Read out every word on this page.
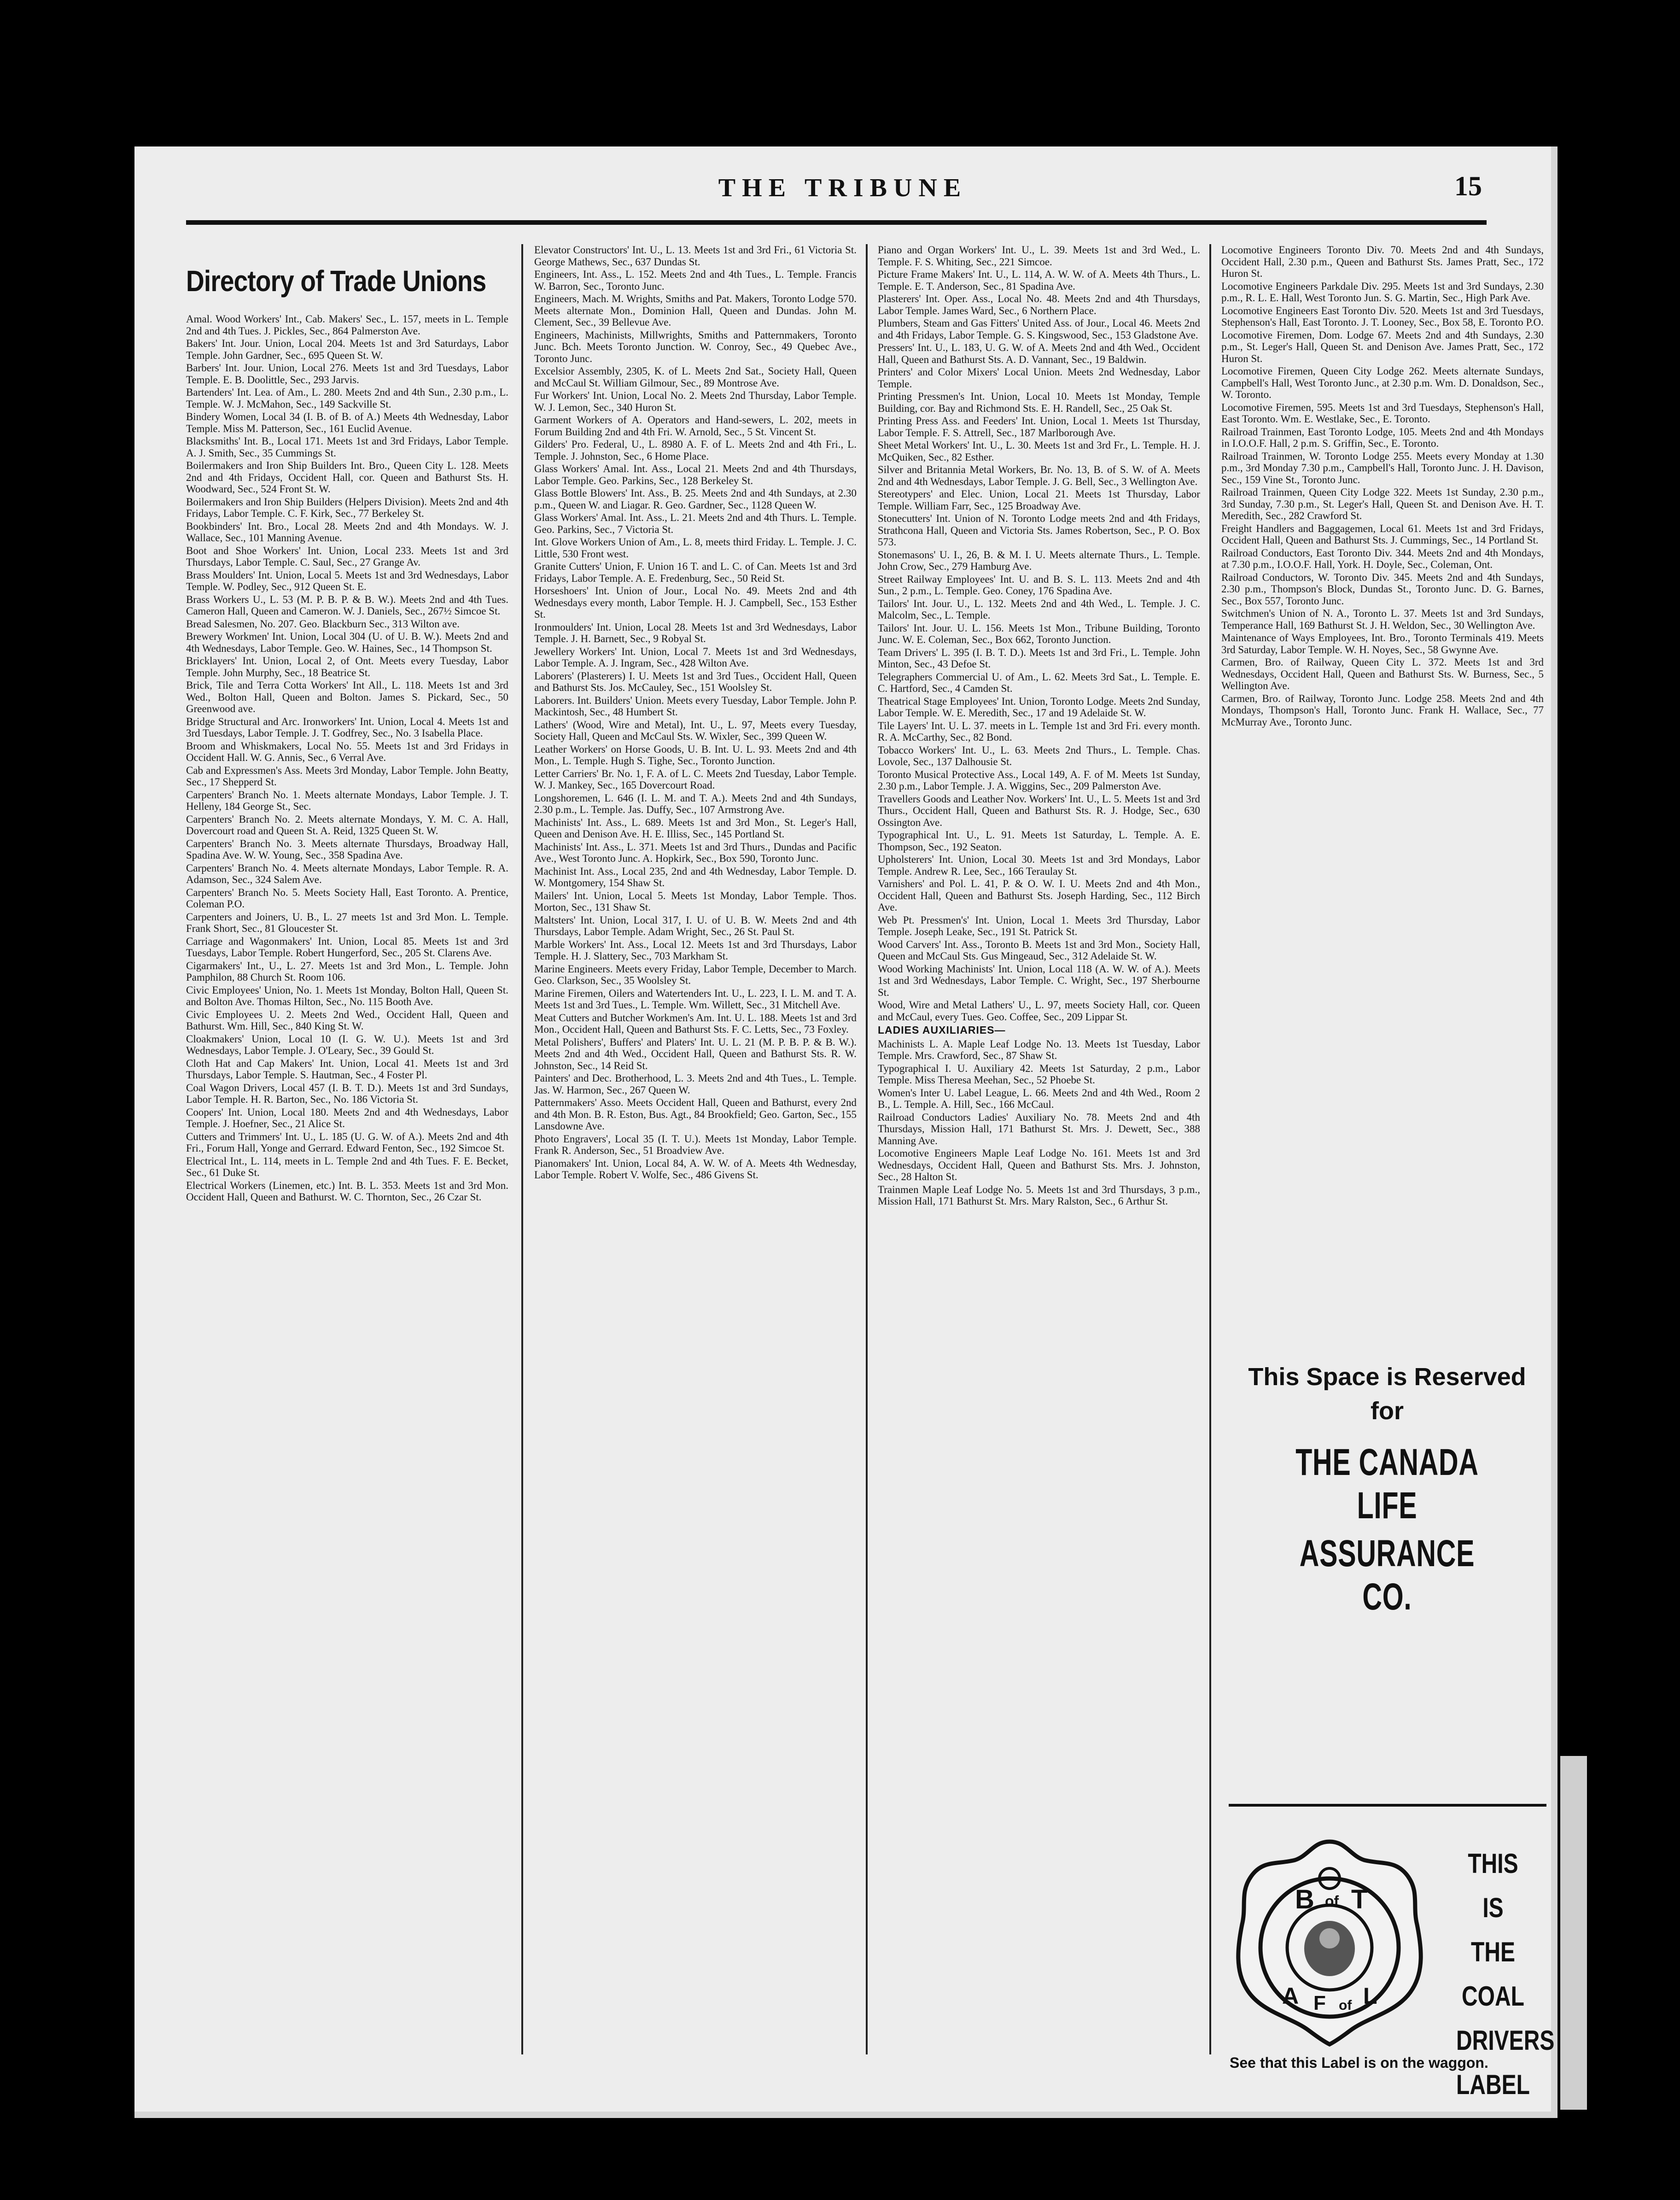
THE TRIBUNE	15
Directory of Trade Unions
Amal. Wood Workers' Int., Cab. Makers' Sec., L. 157, meets in L. Temple 2nd and 4th Tues. J. Pickles, Sec., 864 Palmerston Ave.
Bakers' Int. Jour. Union, Local 204. Meets 1st and 3rd Saturdays, Labor Temple. John Gardner, Sec., 695 Queen St. W.
Barbers' Int. Jour. Union, Local 276. Meets 1st and 3rd Tuesdays, Labor Temple. E. B. Doolittle, Sec., 293 Jarvis.
Bartenders' Int. Lea. of Am., L. 280. Meets 2nd and 4th Sun., 2.30 p.m., L. Temple. W. J. McMahon, Sec., 149 Sackville St.
Bindery Women, Local 34 (I. B. of B. of A.) Meets 4th Wednesday, Labor Temple. Miss M. Patterson, Sec., 161 Euclid Avenue.
Blacksmiths' Int. B., Local 171. Meets 1st and 3rd Fridays, Labor Temple. A. J. Smith, Sec., 35 Cummings St.
Boilermakers and Iron Ship Builders Int. Bro., Queen City L. 128. Meets 2nd and 4th Fridays, Occident Hall, cor. Queen and Bathurst Sts. H. Woodward, Sec., 524 Front St. W.
Boilermakers and Iron Ship Builders (Helpers Division). Meets 2nd and 4th Fridays, Labor Temple. C. F. Kirk, Sec., 77 Berkeley St.
Bookbinders' Int. Bro., Local 28. Meets 2nd and 4th Mondays. W. J. Wallace, Sec., 101 Manning Avenue.
Boot and Shoe Workers' Int. Union, Local 233. Meets 1st and 3rd Thursdays, Labor Temple. C. Saul, Sec., 27 Grange Av.
Brass Moulders' Int. Union, Local 5. Meets 1st and 3rd Wednesdays, Labor Temple. W. Podley, Sec., 912 Queen St. E.
Brass Workers U., L. 53 (M. P. B. P. & B. W.). Meets 2nd and 4th Tues. Cameron Hall, Queen and Cameron. W. J. Daniels, Sec., 267½ Simcoe St.
Bread Salesmen, No. 207. Geo. Blackburn Sec., 313 Wilton ave.
Brewery Workmen' Int. Union, Local 304 (U. of U. B. W.). Meets 2nd and 4th Wednesdays, Labor Temple. Geo. W. Haines, Sec., 14 Thompson St.
Bricklayers' Int. Union, Local 2, of Ont. Meets every Tuesday, Labor Temple. John Murphy, Sec., 18 Beatrice St.
Brick, Tile and Terra Cotta Workers' Int All., L. 118. Meets 1st and 3rd Wed., Bolton Hall, Queen and Bolton. James S. Pickard, Sec., 50 Greenwood ave.
Bridge Structural and Arc. Ironworkers' Int. Union, Local 4. Meets 1st and 3rd Tuesdays, Labor Temple. J. T. Godfrey, Sec., No. 3 Isabella Place.
Broom and Whiskmakers, Local No. 55. Meets 1st and 3rd Fridays in Occident Hall. W. G. Annis, Sec., 6 Verral Ave.
Cab and Expressmen's Ass. Meets 3rd Monday, Labor Temple. John Beatty, Sec., 17 Shepperd St.
Carpenters' Branch No. 1. Meets alternate Mondays, Labor Temple. J. T. Helleny, 184 George St., Sec.
Carpenters' Branch No. 2. Meets alternate Mondays, Y. M. C. A. Hall, Dovercourt road and Queen St. A. Reid, 1325 Queen St. W.
Carpenters' Branch No. 3. Meets alternate Thursdays, Broadway Hall, Spadina Ave. W. W. Young, Sec., 358 Spadina Ave.
Carpenters' Branch No. 4. Meets alternate Mondays, Labor Temple. R. A. Adamson, Sec., 324 Salem Ave.
Carpenters' Branch No. 5. Meets Society Hall, East Toronto. A. Prentice, Coleman P.O.
Carpenters and Joiners, U. B., L. 27 meets 1st and 3rd Mon. L. Temple. Frank Short, Sec., 81 Gloucester St.
Carriage and Wagonmakers' Int. Union, Local 85. Meets 1st and 3rd Tuesdays, Labor Temple. Robert Hungerford, Sec., 205 St. Clarens Ave.
Cigarmakers' Int., U., L. 27. Meets 1st and 3rd Mon., L. Temple. John Pamphilon, 88 Church St. Room 106.
Civic Employees' Union, No. 1. Meets 1st Monday, Bolton Hall, Queen St. and Bolton Ave. Thomas Hilton, Sec., No. 115 Booth Ave.
Civic Employees U. 2. Meets 2nd Wed., Occident Hall, Queen and Bathurst. Wm. Hill, Sec., 840 King St. W.
Cloakmakers' Union, Local 10 (I. G. W. U.). Meets 1st and 3rd Wednesdays, Labor Temple. J. O'Leary, Sec., 39 Gould St.
Cloth Hat and Cap Makers' Int. Union, Local 41. Meets 1st and 3rd Thursdays, Labor Temple. S. Hautman, Sec., 4 Foster Pl.
Coal Wagon Drivers, Local 457 (I. B. T. D.). Meets 1st and 3rd Sundays, Labor Temple. H. R. Barton, Sec., No. 186 Victoria St.
Coopers' Int. Union, Local 180. Meets 2nd and 4th Wednesdays, Labor Temple. J. Hoefner, Sec., 21 Alice St.
Cutters and Trimmers' Int. U., L. 185 (U. G. W. of A.). Meets 2nd and 4th Fri., Forum Hall, Yonge and Gerrard. Edward Fenton, Sec., 192 Simcoe St.
Electrical Int., L. 114, meets in L. Temple 2nd and 4th Tues. F. E. Becket, Sec., 61 Duke St.
Electrical Workers (Linemen, etc.) Int. B. L. 353. Meets 1st and 3rd Mon. Occident Hall, Queen and Bathurst. W. C. Thornton, Sec., 26 Czar St.
Elevator Constructors' Int. U., L. 13. Meets 1st and 3rd Fri., 61 Victoria St. George Mathews, Sec., 637 Dundas St.
Engineers, Int. Ass., L. 152. Meets 2nd and 4th Tues., L. Temple. Francis W. Barron, Sec., Toronto Junc.
Engineers, Mach. M. Wrights, Smiths and Pat. Makers, Toronto Lodge 570. Meets alternate Mon., Dominion Hall, Queen and Dundas. John M. Clement, Sec., 39 Bellevue Ave.
Engineers, Machinists, Millwrights, Smiths and Patternmakers, Toronto Junc. Bch. Meets Toronto Junction. W. Conroy, Sec., 49 Quebec Ave., Toronto Junc.
Excelsior Assembly, 2305, K. of L. Meets 2nd Sat., Society Hall, Queen and McCaul St. William Gilmour, Sec., 89 Montrose Ave.
Fur Workers' Int. Union, Local No. 2. Meets 2nd Thursday, Labor Temple. W. J. Lemon, Sec., 340 Huron St.
Garment Workers of A. Operators and Hand-sewers, L. 202, meets in Forum Building 2nd and 4th Fri. W. Arnold, Sec., 5 St. Vincent St.
Gilders' Pro. Federal, U., L. 8980 A. F. of L. Meets 2nd and 4th Fri., L. Temple. J. Johnston, Sec., 6 Home Place.
Glass Workers' Amal. Int. Ass., Local 21. Meets 2nd and 4th Thursdays, Labor Temple. Geo. Parkins, Sec., 128 Berkeley St.
Glass Bottle Blowers' Int. Ass., B. 25. Meets 2nd and 4th Sundays, at 2.30 p.m., Queen W. and Liagar. R. Geo. Gardner, Sec., 1128 Queen W.
Glass Workers' Amal. Int. Ass., L. 21. Meets 2nd and 4th Thurs. L. Temple. Geo. Parkins, Sec., 7 Victoria St.
Int. Glove Workers Union of Am., L. 8, meets third Friday. L. Temple. J. C. Little, 530 Front west.
Granite Cutters' Union, F. Union 16 T. and L. C. of Can. Meets 1st and 3rd Fridays, Labor Temple. A. E. Fredenburg, Sec., 50 Reid St.
Horseshoers' Int. Union of Jour., Local No. 49. Meets 2nd and 4th Wednesdays every month, Labor Temple. H. J. Campbell, Sec., 153 Esther St.
Ironmoulders' Int. Union, Local 28. Meets 1st and 3rd Wednesdays, Labor Temple. J. H. Barnett, Sec., 9 Robyal St.
Jewellery Workers' Int. Union, Local 7. Meets 1st and 3rd Wednesdays, Labor Temple. A. J. Ingram, Sec., 428 Wilton Ave.
Laborers' (Plasterers) I. U. Meets 1st and 3rd Tues., Occident Hall, Queen and Bathurst Sts. Jos. McCauley, Sec., 151 Woolsley St.
Laborers. Int. Builders' Union. Meets every Tuesday, Labor Temple. John P. Mackintosh, Sec., 48 Humbert St.
Lathers' (Wood, Wire and Metal), Int. U., L. 97, Meets every Tuesday, Society Hall, Queen and McCaul Sts. W. Wixler, Sec., 399 Queen W.
Leather Workers' on Horse Goods, U. B. Int. U. L. 93. Meets 2nd and 4th Mon., L. Temple. Hugh S. Tighe, Sec., Toronto Junction.
Letter Carriers' Br. No. 1, F. A. of L. C. Meets 2nd Tuesday, Labor Temple. W. J. Mankey, Sec., 165 Dovercourt Road.
Longshoremen, L. 646 (I. L. M. and T. A.). Meets 2nd and 4th Sundays, 2.30 p.m., L. Temple. Jas. Duffy, Sec., 107 Armstrong Ave.
Machinists' Int. Ass., L. 689. Meets 1st and 3rd Mon., St. Leger's Hall, Queen and Denison Ave. H. E. Illiss, Sec., 145 Portland St.
Machinists' Int. Ass., L. 371. Meets 1st and 3rd Thurs., Dundas and Pacific Ave., West Toronto Junc. A. Hopkirk, Sec., Box 590, Toronto Junc.
Machinist Int. Ass., Local 235, 2nd and 4th Wednesday, Labor Temple. D. W. Montgomery, 154 Shaw St.
Mailers' Int. Union, Local 5. Meets 1st Monday, Labor Temple. Thos. Morton, Sec., 131 Shaw St.
Maltsters' Int. Union, Local 317, I. U. of U. B. W. Meets 2nd and 4th Thursdays, Labor Temple. Adam Wright, Sec., 26 St. Paul St.
Marble Workers' Int. Ass., Local 12. Meets 1st and 3rd Thursdays, Labor Temple. H. J. Slattery, Sec., 703 Markham St.
Marine Engineers. Meets every Friday, Labor Temple, December to March. Geo. Clarkson, Sec., 35 Woolsley St.
Marine Firemen, Oilers and Watertenders Int. U., L. 223, I. L. M. and T. A. Meets 1st and 3rd Tues., L. Temple. Wm. Willett, Sec., 31 Mitchell Ave.
Meat Cutters and Butcher Workmen's Am. Int. U. L. 188. Meets 1st and 3rd Mon., Occident Hall, Queen and Bathurst Sts. F. C. Letts, Sec., 73 Foxley.
Metal Polishers', Buffers' and Platers' Int. U. L. 21 (M. P. B. P. & B. W.). Meets 2nd and 4th Wed., Occident Hall, Queen and Bathurst Sts. R. W. Johnston, Sec., 14 Reid St.
Painters' and Dec. Brotherhood, L. 3. Meets 2nd and 4th Tues., L. Temple. Jas. W. Harmon, Sec., 267 Queen W.
Patternmakers' Asso. Meets Occident Hall, Queen and Bathurst, every 2nd and 4th Mon. B. R. Eston, Bus. Agt., 84 Brookfield; Geo. Garton, Sec., 155 Lansdowne Ave.
Photo Engravers', Local 35 (I. T. U.). Meets 1st Monday, Labor Temple. Frank R. Anderson, Sec., 51 Broadview Ave.
Pianomakers' Int. Union, Local 84, A. W. W. of A. Meets 4th Wednesday, Labor Temple. Robert V. Wolfe, Sec., 486 Givens St.
Piano and Organ Workers' Int. U., L. 39. Meets 1st and 3rd Wed., L. Temple. F. S. Whiting, Sec., 221 Simcoe.
Picture Frame Makers' Int. U., L. 114, A. W. W. of A. Meets 4th Thurs., L. Temple. E. T. Anderson, Sec., 81 Spadina Ave.
Plasterers' Int. Oper. Ass., Local No. 48. Meets 2nd and 4th Thursdays, Labor Temple. James Ward, Sec., 6 Northern Place.
Plumbers, Steam and Gas Fitters' United Ass. of Jour., Local 46. Meets 2nd and 4th Fridays, Labor Temple. G. S. Kingswood, Sec., 153 Gladstone Ave.
Pressers' Int. U., L. 183, U. G. W. of A. Meets 2nd and 4th Wed., Occident Hall, Queen and Bathurst Sts. A. D. Vannant, Sec., 19 Baldwin.
Printers' and Color Mixers' Local Union. Meets 2nd Wednesday, Labor Temple.
Printing Pressmen's Int. Union, Local 10. Meets 1st Monday, Temple Building, cor. Bay and Richmond Sts. E. H. Randell, Sec., 25 Oak St.
Printing Press Ass. and Feeders' Int. Union, Local 1. Meets 1st Thursday, Labor Temple. F. S. Attrell, Sec., 187 Marlborough Ave.
Sheet Metal Workers' Int. U., L. 30. Meets 1st and 3rd Fr., L. Temple. H. J. McQuiken, Sec., 82 Esther.
Silver and Britannia Metal Workers, Br. No. 13, B. of S. W. of A. Meets 2nd and 4th Wednesdays, Labor Temple. J. G. Bell, Sec., 3 Wellington Ave.
Stereotypers' and Elec. Union, Local 21. Meets 1st Thursday, Labor Temple. William Farr, Sec., 125 Broadway Ave.
Stonecutters' Int. Union of N. Toronto Lodge meets 2nd and 4th Fridays, Strathcona Hall, Queen and Victoria Sts. James Robertson, Sec., P. O. Box 573.
Stonemasons' U. I., 26, B. & M. I. U. Meets alternate Thurs., L. Temple. John Crow, Sec., 279 Hamburg Ave.
Street Railway Employees' Int. U. and B. S. L. 113. Meets 2nd and 4th Sun., 2 p.m., L. Temple. Geo. Coney, 176 Spadina Ave.
Tailors' Int. Jour. U., L. 132. Meets 2nd and 4th Wed., L. Temple. J. C. Malcolm, Sec., L. Temple.
Tailors' Int. Jour. U. L. 156. Meets 1st Mon., Tribune Building, Toronto Junc. W. E. Coleman, Sec., Box 662, Toronto Junction.
Team Drivers' L. 395 (I. B. T. D.). Meets 1st and 3rd Fri., L. Temple. John Minton, Sec., 43 Defoe St.
Telegraphers Commercial U. of Am., L. 62. Meets 3rd Sat., L. Temple. E. C. Hartford, Sec., 4 Camden St.
Theatrical Stage Employees' Int. Union, Toronto Lodge. Meets 2nd Sunday, Labor Temple. W. E. Meredith, Sec., 17 and 19 Adelaide St. W.
Tile Layers' Int. U. L. 37. meets in L. Temple 1st and 3rd Fri. every month. R. A. McCarthy, Sec., 82 Bond.
Tobacco Workers' Int. U., L. 63. Meets 2nd Thurs., L. Temple. Chas. Lovole, Sec., 137 Dalhousie St.
Toronto Musical Protective Ass., Local 149, A. F. of M. Meets 1st Sunday, 2.30 p.m., Labor Temple. J. A. Wiggins, Sec., 209 Palmerston Ave.
Travellers Goods and Leather Nov. Workers' Int. U., L. 5. Meets 1st and 3rd Thurs., Occident Hall, Queen and Bathurst Sts. R. J. Hodge, Sec., 630 Ossington Ave.
Typographical Int. U., L. 91. Meets 1st Saturday, L. Temple. A. E. Thompson, Sec., 192 Seaton.
Upholsterers' Int. Union, Local 30. Meets 1st and 3rd Mondays, Labor Temple. Andrew R. Lee, Sec., 166 Teraulay St.
Varnishers' and Pol. L. 41, P. & O. W. I. U. Meets 2nd and 4th Mon., Occident Hall, Queen and Bathurst Sts. Joseph Harding, Sec., 112 Birch Ave.
Web Pt. Pressmen's' Int. Union, Local 1. Meets 3rd Thursday, Labor Temple. Joseph Leake, Sec., 191 St. Patrick St.
Wood Carvers' Int. Ass., Toronto B. Meets 1st and 3rd Mon., Society Hall, Queen and McCaul Sts. Gus Mingeaud, Sec., 312 Adelaide St. W.
Wood Working Machinists' Int. Union, Local 118 (A. W. W. of A.). Meets 1st and 3rd Wednesdays, Labor Temple. C. Wright, Sec., 197 Sherbourne St.
Wood, Wire and Metal Lathers' U., L. 97, meets Society Hall, cor. Queen and McCaul, every Tues. Geo. Coffee, Sec., 209 Lippar St.
LADIES AUXILIARIES—
Machinists L. A. Maple Leaf Lodge No. 13. Meets 1st Tuesday, Labor Temple. Mrs. Crawford, Sec., 87 Shaw St.
Typographical I. U. Auxiliary 42. Meets 1st Saturday, 2 p.m., Labor Temple. Miss Theresa Meehan, Sec., 52 Phoebe St.
Women's Inter U. Label League, L. 66. Meets 2nd and 4th Wed., Room 2 B., L. Temple. A. Hill, Sec., 166 McCaul.
Railroad Conductors Ladies' Auxiliary No. 78. Meets 2nd and 4th Thursdays, Mission Hall, 171 Bathurst St. Mrs. J. Dewett, Sec., 388 Manning Ave.
Locomotive Engineers Maple Leaf Lodge No. 161. Meets 1st and 3rd Wednesdays, Occident Hall, Queen and Bathurst Sts. Mrs. J. Johnston, Sec., 28 Halton St.
Trainmen Maple Leaf Lodge No. 5. Meets 1st and 3rd Thursdays, 3 p.m., Mission Hall, 171 Bathurst St. Mrs. Mary Ralston, Sec., 6 Arthur St.
Locomotive Engineers Toronto Div. 70. Meets 2nd and 4th Sundays, Occident Hall, 2.30 p.m., Queen and Bathurst Sts. James Pratt, Sec., 172 Huron St.
Locomotive Engineers Parkdale Div. 295. Meets 1st and 3rd Sundays, 2.30 p.m., R. L. E. Hall, West Toronto Jun. S. G. Martin, Sec., High Park Ave.
Locomotive Engineers East Toronto Div. 520. Meets 1st and 3rd Tuesdays, Stephenson's Hall, East Toronto. J. T. Looney, Sec., Box 58, E. Toronto P.O.
Locomotive Firemen, Dom. Lodge 67. Meets 2nd and 4th Sundays, 2.30 p.m., St. Leger's Hall, Queen St. and Denison Ave. James Pratt, Sec., 172 Huron St.
Locomotive Firemen, Queen City Lodge 262. Meets alternate Sundays, Campbell's Hall, West Toronto Junc., at 2.30 p.m. Wm. D. Donaldson, Sec., W. Toronto.
Locomotive Firemen, 595. Meets 1st and 3rd Tuesdays, Stephenson's Hall, East Toronto. Wm. E. Westlake, Sec., E. Toronto.
Railroad Trainmen, East Toronto Lodge, 105. Meets 2nd and 4th Mondays in I.O.O.F. Hall, 2 p.m. S. Griffin, Sec., E. Toronto.
Railroad Trainmen, W. Toronto Lodge 255. Meets every Monday at 1.30 p.m., 3rd Monday 7.30 p.m., Campbell's Hall, Toronto Junc. J. H. Davison, Sec., 159 Vine St., Toronto Junc.
Railroad Trainmen, Queen City Lodge 322. Meets 1st Sunday, 2.30 p.m., 3rd Sunday, 7.30 p.m., St. Leger's Hall, Queen St. and Denison Ave. H. T. Meredith, Sec., 282 Crawford St.
Freight Handlers and Baggagemen, Local 61. Meets 1st and 3rd Fridays, Occident Hall, Queen and Bathurst Sts. J. Cummings, Sec., 14 Portland St.
Railroad Conductors, East Toronto Div. 344. Meets 2nd and 4th Mondays, at 7.30 p.m., I.O.O.F. Hall, York. H. Doyle, Sec., Coleman, Ont.
Railroad Conductors, W. Toronto Div. 345. Meets 2nd and 4th Sundays, 2.30 p.m., Thompson's Block, Dundas St., Toronto Junc. D. G. Barnes, Sec., Box 557, Toronto Junc.
Switchmen's Union of N. A., Toronto L. 37. Meets 1st and 3rd Sundays, Temperance Hall, 169 Bathurst St. J. H. Weldon, Sec., 30 Wellington Ave.
Maintenance of Ways Employees, Int. Bro., Toronto Terminals 419. Meets 3rd Saturday, Labor Temple. W. H. Noyes, Sec., 58 Gwynne Ave.
Carmen, Bro. of Railway, Queen City L. 372. Meets 1st and 3rd Wednesdays, Occident Hall, Queen and Bathurst Sts. W. Burness, Sec., 5 Wellington Ave.
Carmen, Bro. of Railway, Toronto Junc. Lodge 258. Meets 2nd and 4th Mondays, Thompson's Hall, Toronto Junc. Frank H. Wallace, Sec., 77 McMurray Ave., Toronto Junc.
This Space is Reserved
for
THE CANADA LIFE
ASSURANCE CO.
B of T
A F of L
THIS IS
THE
COAL
DRIVERS
LABEL
See that this Label is on the waggon.
